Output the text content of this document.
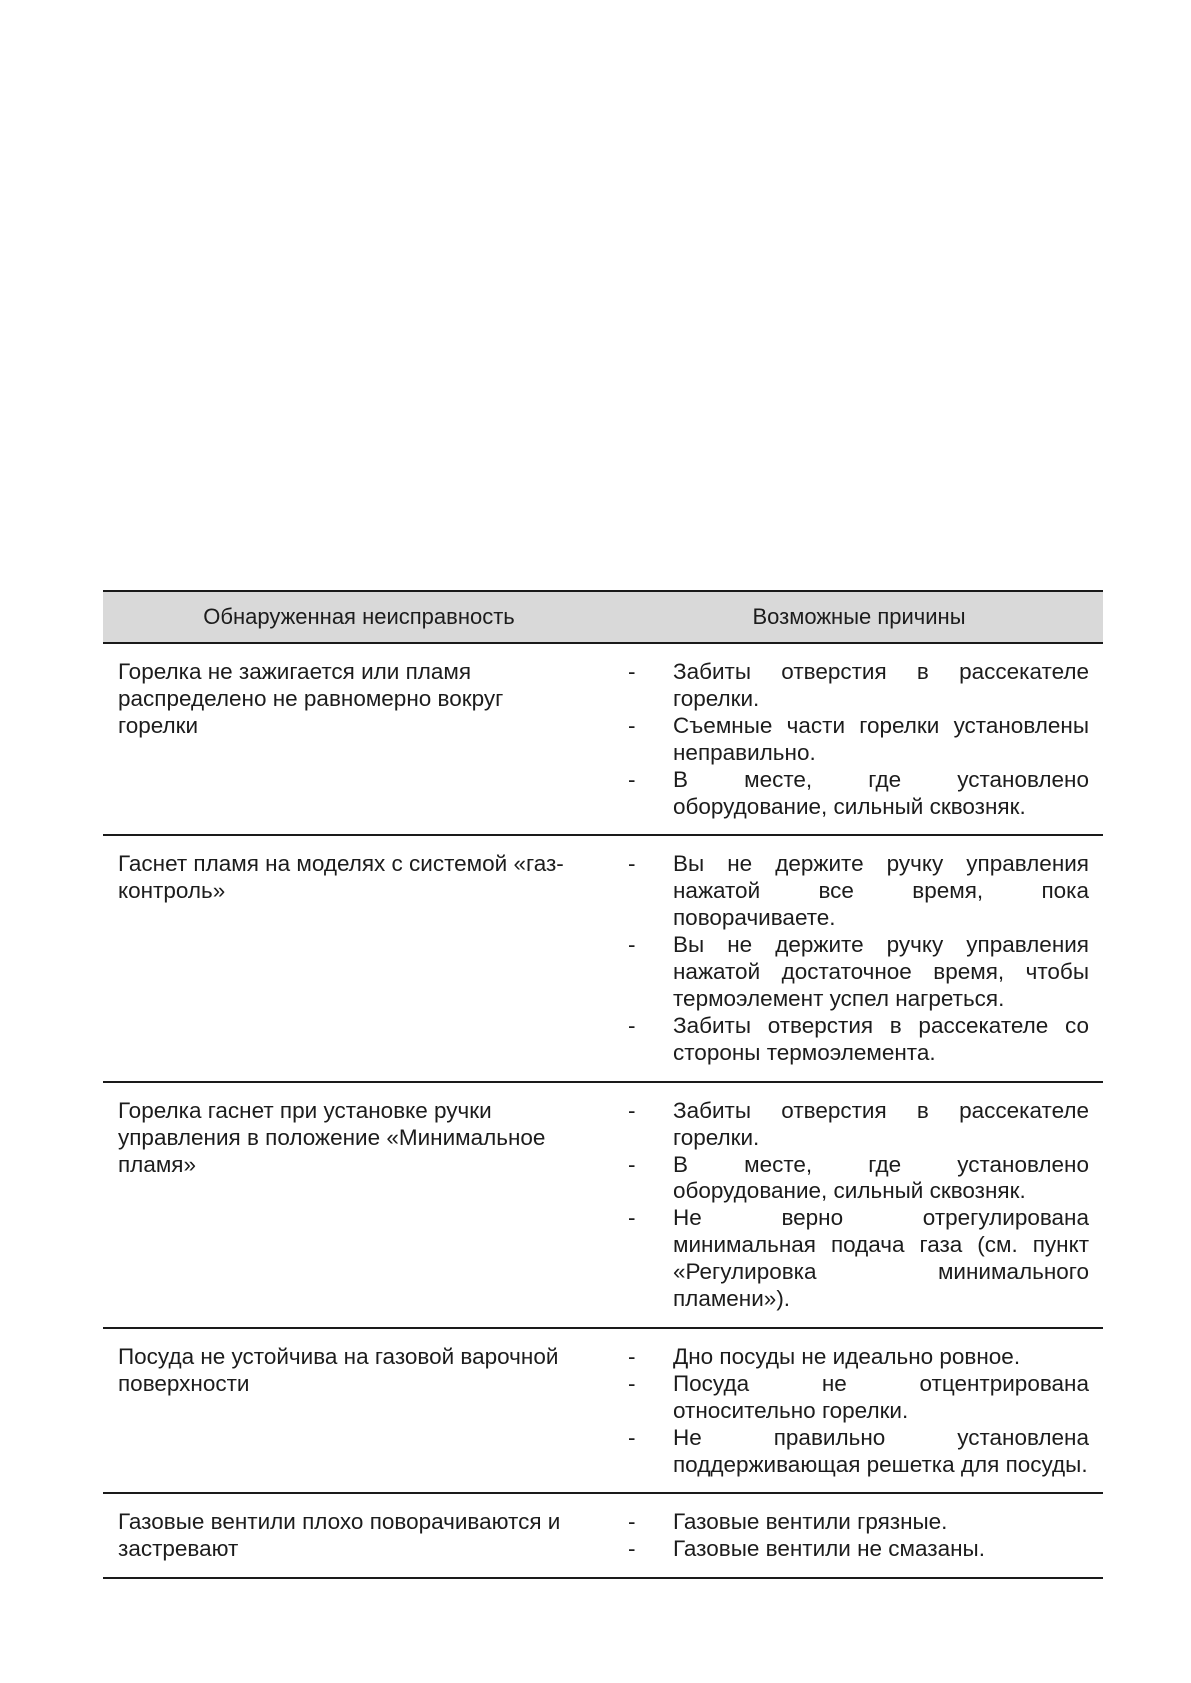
Обнаруженная неисправность	Возможные причины
Горелка не зажигается или пламя распределено не равномерно вокруг горелки
-	Забиты отверстия в рассекателе горелки.
-	Съемные части горелки установлены неправильно.
-	В месте, где установлено оборудование, сильный сквозняк.
Гаснет пламя на моделях с системой «газ-контроль»
-	Вы не держите ручку управления нажатой все время, пока поворачиваете.
-	Вы не держите ручку управления нажатой достаточное время, чтобы термоэлемент успел нагреться.
-	Забиты отверстия в рассекателе со стороны термоэлемента.
Горелка гаснет при установке ручки управления в положение «Минимальное пламя»
-	Забиты отверстия в рассекателе горелки.
-	В месте, где установлено оборудование, сильный сквозняк.
-	Не верно отрегулирована минимальная подача газа (см. пункт «Регулировка минимального пламени»).
Посуда не устойчива на газовой варочной поверхности
-	Дно посуды не идеально ровное.
-	Посуда не отцентрирована относительно горелки.
-	Не правильно установлена поддерживающая решетка для посуды.
Газовые вентили плохо поворачиваются и застревают
-	Газовые вентили грязные.
-	Газовые вентили не смазаны.
